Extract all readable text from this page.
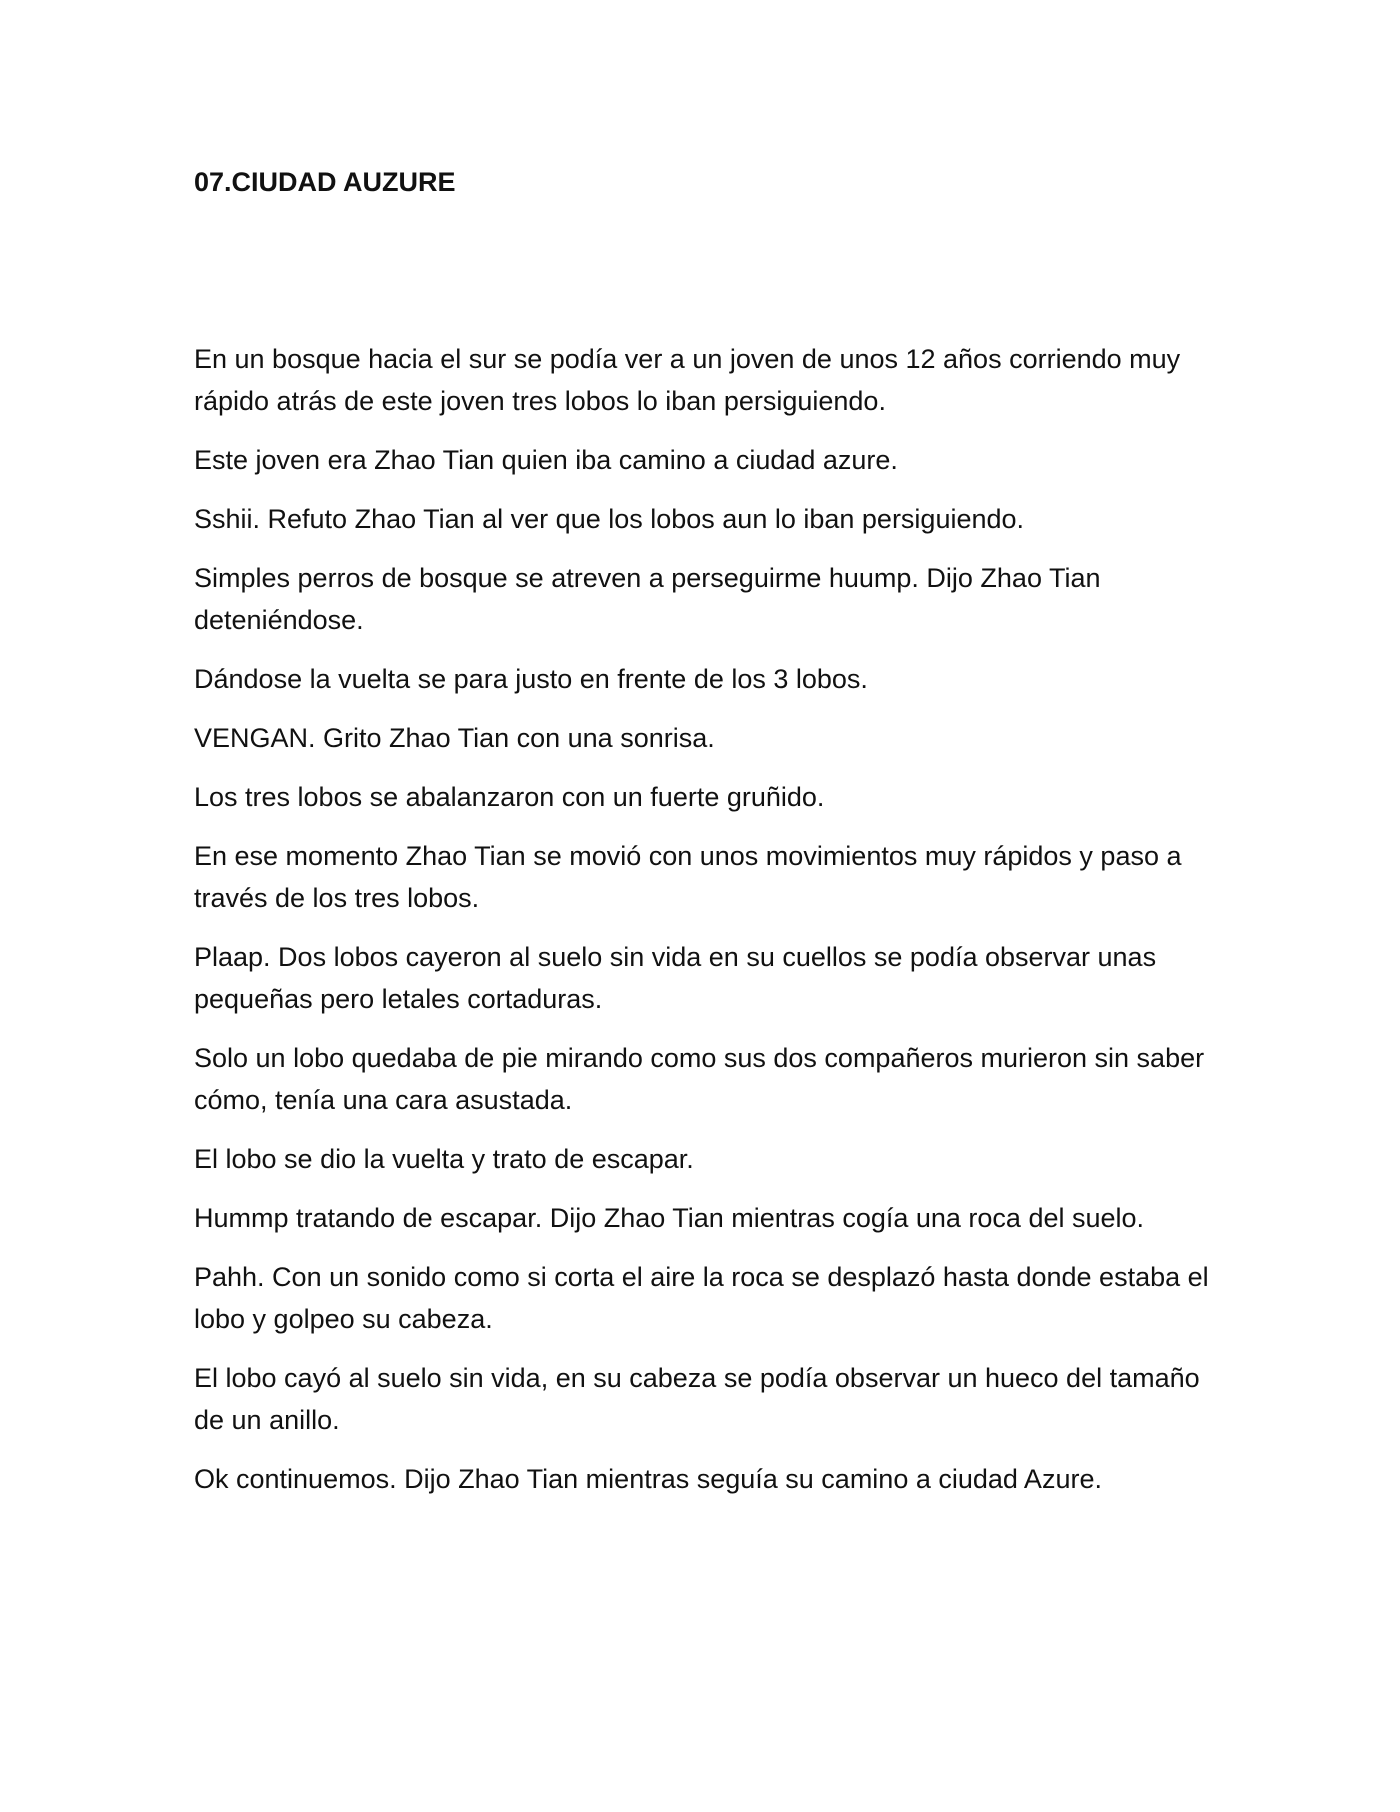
07.CIUDAD AUZURE

En un bosque hacia el sur se podía ver a un joven de unos 12 años corriendo muy rápido atrás de este joven tres lobos lo iban persiguiendo.

Este joven era Zhao Tian quien iba camino a ciudad azure.

Sshii. Refuto Zhao Tian al ver que los lobos aun lo iban persiguiendo.

Simples perros de bosque se atreven a perseguirme huump. Dijo Zhao Tian deteniéndose.

Dándose la vuelta se para justo en frente de los 3 lobos.

VENGAN. Grito Zhao Tian con una sonrisa.

Los tres lobos se abalanzaron con un fuerte gruñido.

En ese momento Zhao Tian se movió con unos movimientos muy rápidos y paso a través de los tres lobos.

Plaap. Dos lobos cayeron al suelo sin vida en su cuellos se podía observar unas pequeñas pero letales cortaduras.

Solo un lobo quedaba de pie mirando como sus dos compañeros murieron sin saber cómo, tenía una cara asustada.

El lobo se dio la vuelta y trato de escapar.

Hummp tratando de escapar. Dijo Zhao Tian mientras cogía una roca del suelo.

Pahh. Con un sonido como si corta el aire la roca se desplazó hasta donde estaba el lobo y golpeo su cabeza.

El lobo cayó al suelo sin vida, en su cabeza se podía observar un hueco del tamaño de un anillo.

Ok continuemos. Dijo Zhao Tian mientras seguía su camino a ciudad Azure.
